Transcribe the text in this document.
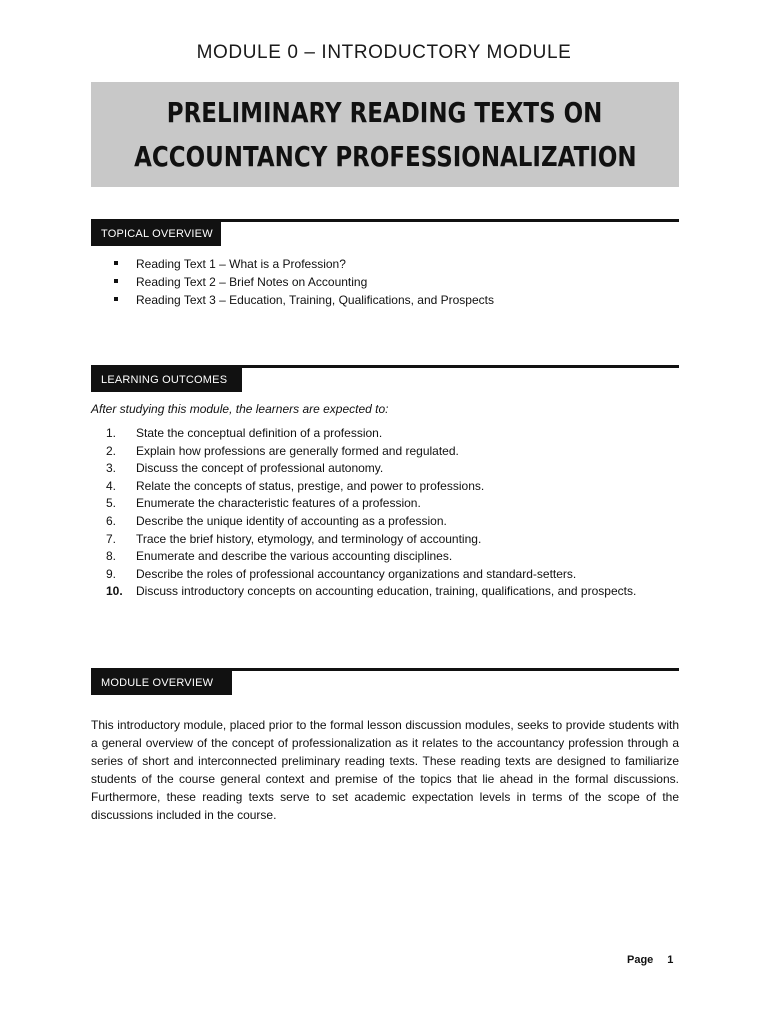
MODULE 0 – INTRODUCTORY MODULE
PRELIMINARY READING TEXTS ON
ACCOUNTANCY PROFESSIONALIZATION
TOPICAL OVERVIEW
Reading Text 1 – What is a Profession?
Reading Text 2 – Brief Notes on Accounting
Reading Text 3 – Education, Training, Qualifications, and Prospects
LEARNING OUTCOMES
After studying this module, the learners are expected to:
1.	State the conceptual definition of a profession.
2.	Explain how professions are generally formed and regulated.
3.	Discuss the concept of professional autonomy.
4.	Relate the concepts of status, prestige, and power to professions.
5.	Enumerate the characteristic features of a profession.
6.	Describe the unique identity of accounting as a profession.
7.	Trace the brief history, etymology, and terminology of accounting.
8.	Enumerate and describe the various accounting disciplines.
9.	Describe the roles of professional accountancy organizations and standard-setters.
10.	Discuss introductory concepts on accounting education, training, qualifications, and prospects.
MODULE OVERVIEW

This introductory module, placed prior to the formal lesson discussion modules, seeks to provide students with a general overview of the concept of professionalization as it relates to the accountancy profession through a series of short and interconnected preliminary reading texts. These reading texts are designed to familiarize students of the course general context and premise of the topics that lie ahead in the formal discussions. Furthermore, these reading texts serve to set academic expectation levels in terms of the scope of the discussions included in the course.

Page 1
